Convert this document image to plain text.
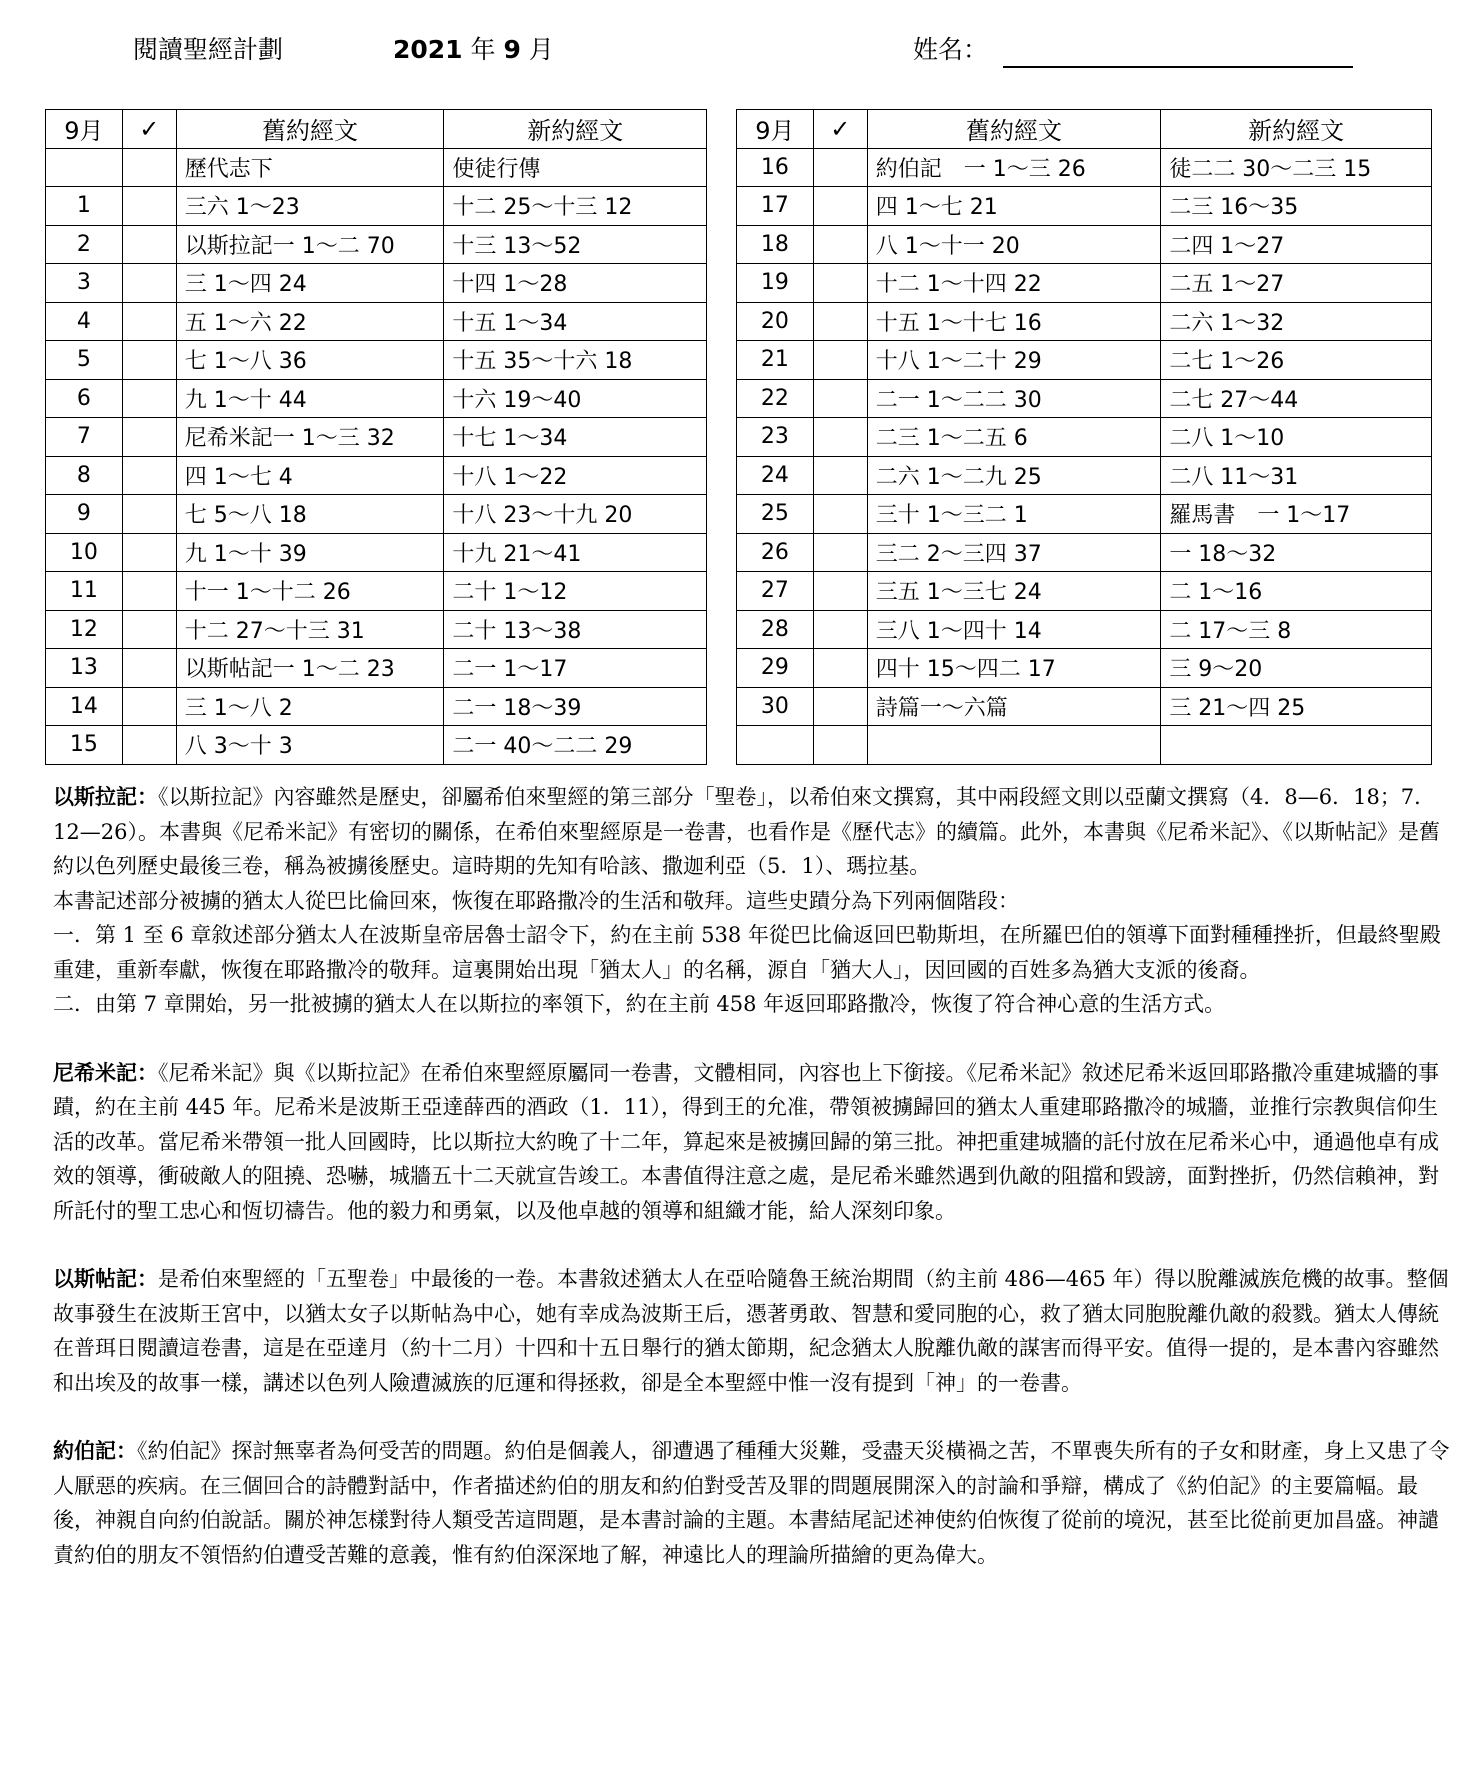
閱讀聖經計劃	2021 年 9 月	姓名：
9月	✓	舊約經文	新約經文
		歷代志下	使徒行傳
1		三六 1～23	十二 25～十三 12
2		以斯拉記一 1～二 70	十三 13～52
3		三 1～四 24	十四 1～28
4		五 1～六 22	十五 1～34
5		七 1～八 36	十五 35～十六 18
6		九 1～十 44	十六 19～40
7		尼希米記一 1～三 32	十七 1～34
8		四 1～七 4	十八 1～22
9		七 5～八 18	十八 23～十九 20
10		九 1～十 39	十九 21～41
11		十一 1～十二 26	二十 1～12
12		十二 27～十三 31	二十 13～38
13		以斯帖記一 1～二 23	二一 1～17
14		三 1～八 2	二一 18～39
15		八 3～十 3	二一 40～二二 29
9月	✓	舊約經文	新約經文
16		約伯記　一 1～三 26	徒二二 30～二三 15
17		四 1～七 21	二三 16～35
18		八 1～十一 20	二四 1～27
19		十二 1～十四 22	二五 1～27
20		十五 1～十七 16	二六 1～32
21		十八 1～二十 29	二七 1～26
22		二一 1～二二 30	二七 27～44
23		二三 1～二五 6	二八 1～10
24		二六 1～二九 25	二八 11～31
25		三十 1～三二 1	羅馬書　一 1～17
26		三二 2～三四 37	一 18～32
27		三五 1～三七 24	二 1～16
28		三八 1～四十 14	二 17～三 8
29		四十 15～四二 17	三 9～20
30		詩篇一～六篇	三 21～四 25

以斯拉記：《以斯拉記》內容雖然是歷史，卻屬希伯來聖經的第三部分「聖卷」，以希伯來文撰寫，其中兩段經文則以亞蘭文撰寫（4．8—6．18；7．12—26）。本書與《尼希米記》有密切的關係，在希伯來聖經原是一卷書，也看作是《歷代志》的續篇。此外，本書與《尼希米記》、《以斯帖記》是舊約以色列歷史最後三卷，稱為被擄後歷史。這時期的先知有哈該、撒迦利亞（5．1）、瑪拉基。

本書記述部分被擄的猶太人從巴比倫回來，恢復在耶路撒冷的生活和敬拜。這些史蹟分為下列兩個階段：

一．第 1 至 6 章敘述部分猶太人在波斯皇帝居魯士詔令下，約在主前 538 年從巴比倫返回巴勒斯坦，在所羅巴伯的領導下面對種種挫折，但最終聖殿重建，重新奉獻，恢復在耶路撒冷的敬拜。這裏開始出現「猶太人」的名稱，源自「猶大人」，因回國的百姓多為猶大支派的後裔。

二．由第 7 章開始，另一批被擄的猶太人在以斯拉的率領下，約在主前 458 年返回耶路撒冷，恢復了符合神心意的生活方式。

尼希米記：《尼希米記》與《以斯拉記》在希伯來聖經原屬同一卷書，文體相同，內容也上下銜接。《尼希米記》敘述尼希米返回耶路撒冷重建城牆的事蹟，約在主前 445 年。尼希米是波斯王亞達薛西的酒政（1．11），得到王的允准，帶領被擄歸回的猶太人重建耶路撒冷的城牆，並推行宗教與信仰生活的改革。當尼希米帶領一批人回國時，比以斯拉大約晚了十二年，算起來是被擄回歸的第三批。神把重建城牆的託付放在尼希米心中，通過他卓有成效的領導，衝破敵人的阻撓、恐嚇，城牆五十二天就宣告竣工。本書值得注意之處，是尼希米雖然遇到仇敵的阻擋和毀謗，面對挫折，仍然信賴神，對所託付的聖工忠心和恆切禱告。他的毅力和勇氣，以及他卓越的領導和組織才能，給人深刻印象。

以斯帖記：是希伯來聖經的「五聖卷」中最後的一卷。本書敘述猶太人在亞哈隨魯王統治期間（約主前 486—465 年）得以脫離滅族危機的故事。整個故事發生在波斯王宮中，以猶太女子以斯帖為中心，她有幸成為波斯王后，憑著勇敢、智慧和愛同胞的心，救了猶太同胞脫離仇敵的殺戮。猶太人傳統在普珥日閱讀這卷書，這是在亞達月（約十二月）十四和十五日舉行的猶太節期，紀念猶太人脫離仇敵的謀害而得平安。值得一提的，是本書內容雖然和出埃及的故事一樣，講述以色列人險遭滅族的厄運和得拯救，卻是全本聖經中惟一沒有提到「神」的一卷書。

約伯記：《約伯記》探討無辜者為何受苦的問題。約伯是個義人，卻遭遇了種種大災難，受盡天災橫禍之苦，不單喪失所有的子女和財產，身上又患了令人厭惡的疾病。在三個回合的詩體對話中，作者描述約伯的朋友和約伯對受苦及罪的問題展開深入的討論和爭辯，構成了《約伯記》的主要篇幅。最後，神親自向約伯說話。關於神怎樣對待人類受苦這問題，是本書討論的主題。本書結尾記述神使約伯恢復了從前的境況，甚至比從前更加昌盛。神譴責約伯的朋友不領悟約伯遭受苦難的意義，惟有約伯深深地了解，神遠比人的理論所描繪的更為偉大。
